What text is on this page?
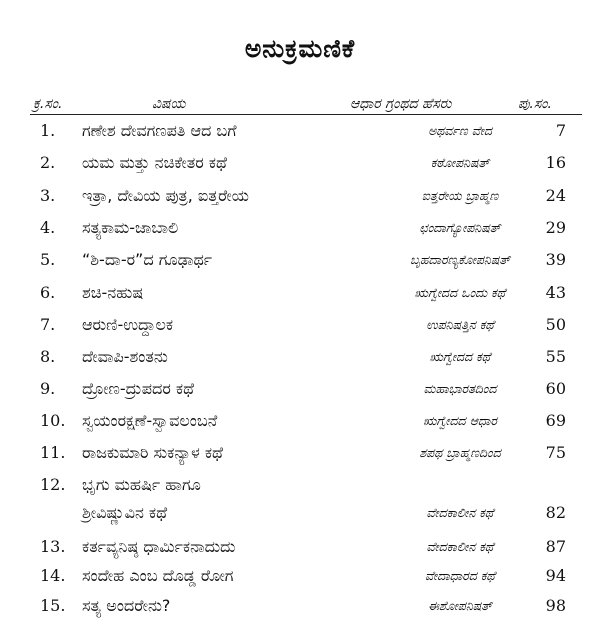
ಅನುಕ್ರಮಣಿಕೆ
ಕ್ರ.ಸಂ.	ವಿಷಯ	ಆಧಾರ ಗ್ರಂಥದ ಹೆಸರು	ಪು.ಸಂ.
1.	ಗಣೇಶ ದೇವಗಣಪತಿ ಆದ ಬಗೆ	ಅಥರ್ವಣ ವೇದ	7
2.	ಯಮ ಮತ್ತು ನಚಿಕೇತರ ಕಥೆ	ಕಠೋಪನಿಷತ್	16
3.	ಇತ್ರಾ, ದೇವಿಯ ಪುತ್ರ, ಐತ್ತರೇಯ	ಐತ್ತರೇಯ ಬ್ರಾಹ್ಮಣ	24
4.	ಸತ್ಯಕಾಮ-ಜಾಬಾಲಿ	ಛಂದಾಗ್ಯೋಪನಿಷತ್	29
5.	“ಶಿ-ದಾ-ರ”ದ ಗೂಢಾರ್ಥ	ಬೃಹದಾರಣ್ಯಕೋಪನಿಷತ್	39
6.	ಶಚಿ-ನಹುಷ	ಋಗ್ವೇದದ ಒಂದು ಕಥೆ	43
7.	ಆರುಣಿ-ಉದ್ದಾಲಕ	ಉಪನಿಷತ್ತಿನ ಕಥೆ	50
8.	ದೇವಾಪಿ-ಶಂತನು	ಋಗ್ವೇದದ ಕಥೆ	55
9.	ದ್ರೋಣ-ದ್ರುಪದರ ಕಥೆ	ಮಹಾಭಾರತದಿಂದ	60
10. ಸ್ವಯಂರಕ್ಷಣೆ-ಸ್ವಾವಲಂಬನೆ	ಋಗ್ವೇದದ ಆಧಾರ	69
11. ರಾಜಕುಮಾರಿ ಸುಕನ್ಯಾಳ ಕಥೆ	ಶಪಥ ಬ್ರಾಹ್ಮಣದಿಂದ	75
12. ಭೃಗು ಮಹರ್ಷಿ ಹಾಗೂ
ಶ್ರೀವಿಷ್ಣುವಿನ ಕಥೆ	ವೇದಕಾಲೀನ ಕಥೆ	82
13. ಕರ್ತವ್ಯನಿಷ್ಠ ಧಾರ್ಮಿಕನಾದುದು	ವೇದಕಾಲೀನ ಕಥೆ	87
14. ಸಂದೇಹ ಎಂಬ ದೊಡ್ಡ ರೋಗ	ವೇದಾಧಾರದ ಕಥೆ	94
15. ಸತ್ಯ ಅಂದರೇನು?	ಈಶೋಪನಿಷತ್	98
